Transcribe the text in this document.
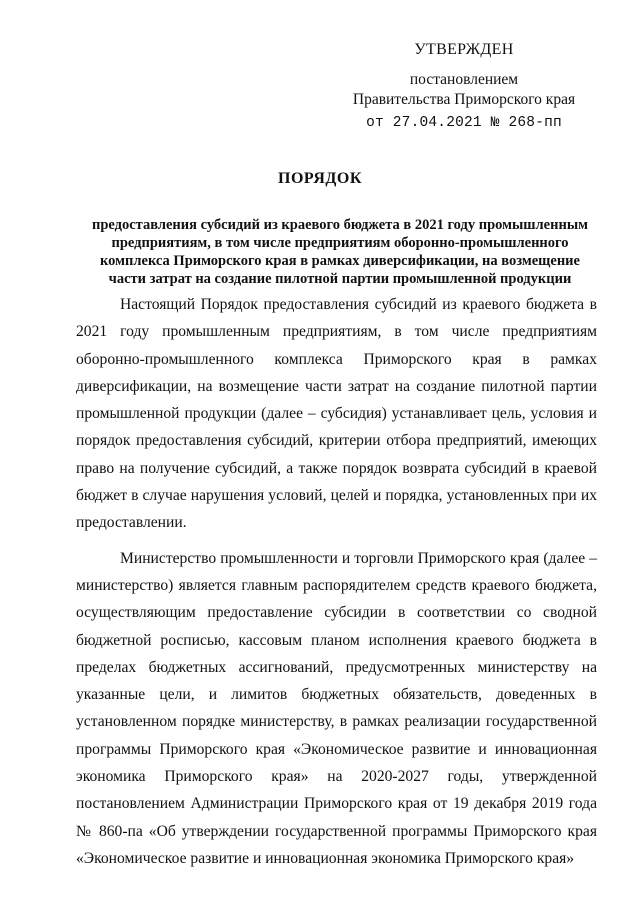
УТВЕРЖДЕН
постановлением
Правительства Приморского края
от 27.04.2021 № 268-пп
ПОРЯДОК
предоставления субсидий из краевого бюджета в 2021 году промышленным предприятиям, в том числе предприятиям оборонно-промышленного комплекса Приморского края в рамках диверсификации, на возмещение части затрат на создание пилотной партии промышленной продукции

Настоящий Порядок предоставления субсидий из краевого бюджета в 2021 году промышленным предприятиям, в том числе предприятиям оборонно-промышленного комплекса Приморского края в рамках диверсификации, на возмещение части затрат на создание пилотной партии промышленной продукции (далее – субсидия) устанавливает цель, условия и порядок предоставления субсидий, критерии отбора предприятий, имеющих право на получение субсидий, а также порядок возврата субсидий в краевой бюджет в случае нарушения условий, целей и порядка, установленных при их предоставлении.

Министерство промышленности и торговли Приморского края (далее – министерство) является главным распорядителем средств краевого бюджета, осуществляющим предоставление субсидии в соответствии со сводной бюджетной росписью, кассовым планом исполнения краевого бюджета в пределах бюджетных ассигнований, предусмотренных министерству на указанные цели, и лимитов бюджетных обязательств, доведенных в установленном порядке министерству, в рамках реализации государственной программы Приморского края «Экономическое развитие и инновационная экономика Приморского края» на 2020-2027 годы, утвержденной постановлением Администрации Приморского края от 19 декабря 2019 года № 860-па «Об утверждении государственной программы Приморского края «Экономическое развитие и инновационная экономика Приморского края»
